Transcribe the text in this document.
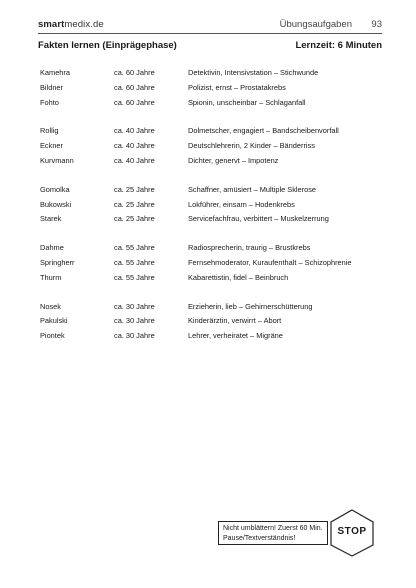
smartmedix.de	Übungsaufgaben 93
Fakten lernen (Einprägephase)	Lernzeit: 6 Minuten
Kamehra	ca. 60 Jahre	Detektivin, Intensivstation – Stichwunde
Bildner	ca. 60 Jahre	Polizist, ernst – Prostatakrebs
Fohto	ca. 60 Jahre	Spionin, unscheinbar – Schlaganfall
Rollig	ca. 40 Jahre	Dolmetscher, engagiert – Bandscheibenvorfall
Eckner	ca. 40 Jahre	Deutschlehrerin, 2 Kinder – Bänderriss
Kurvmann	ca. 40 Jahre	Dichter, genervt – Impotenz
Gomolka	ca. 25 Jahre	Schaffner, amüsiert – Multiple Sklerose
Bukowski	ca. 25 Jahre	Lokführer, einsam – Hodenkrebs
Starek	ca. 25 Jahre	Servicefachfrau, verbittert – Muskelzerrung
Dahme	ca. 55 Jahre	Radiosprecherin, traurig – Brustkrebs
Springherr	ca. 55 Jahre	Fernsehmoderator, Kuraufenthalt – Schizophrenie
Thurm	ca. 55 Jahre	Kabarettistin, fidel – Beinbruch
Nosek	ca. 30 Jahre	Erzieherin, lieb – Gehirnerschütterung
Pakulski	ca. 30 Jahre	Kinderärztin, verwirrt – Abort
Piontek	ca. 30 Jahre	Lehrer, verheiratet – Migräne
Nicht umblättern! Zuerst 60 Min.
Pause/Textverständnis!
STOP
